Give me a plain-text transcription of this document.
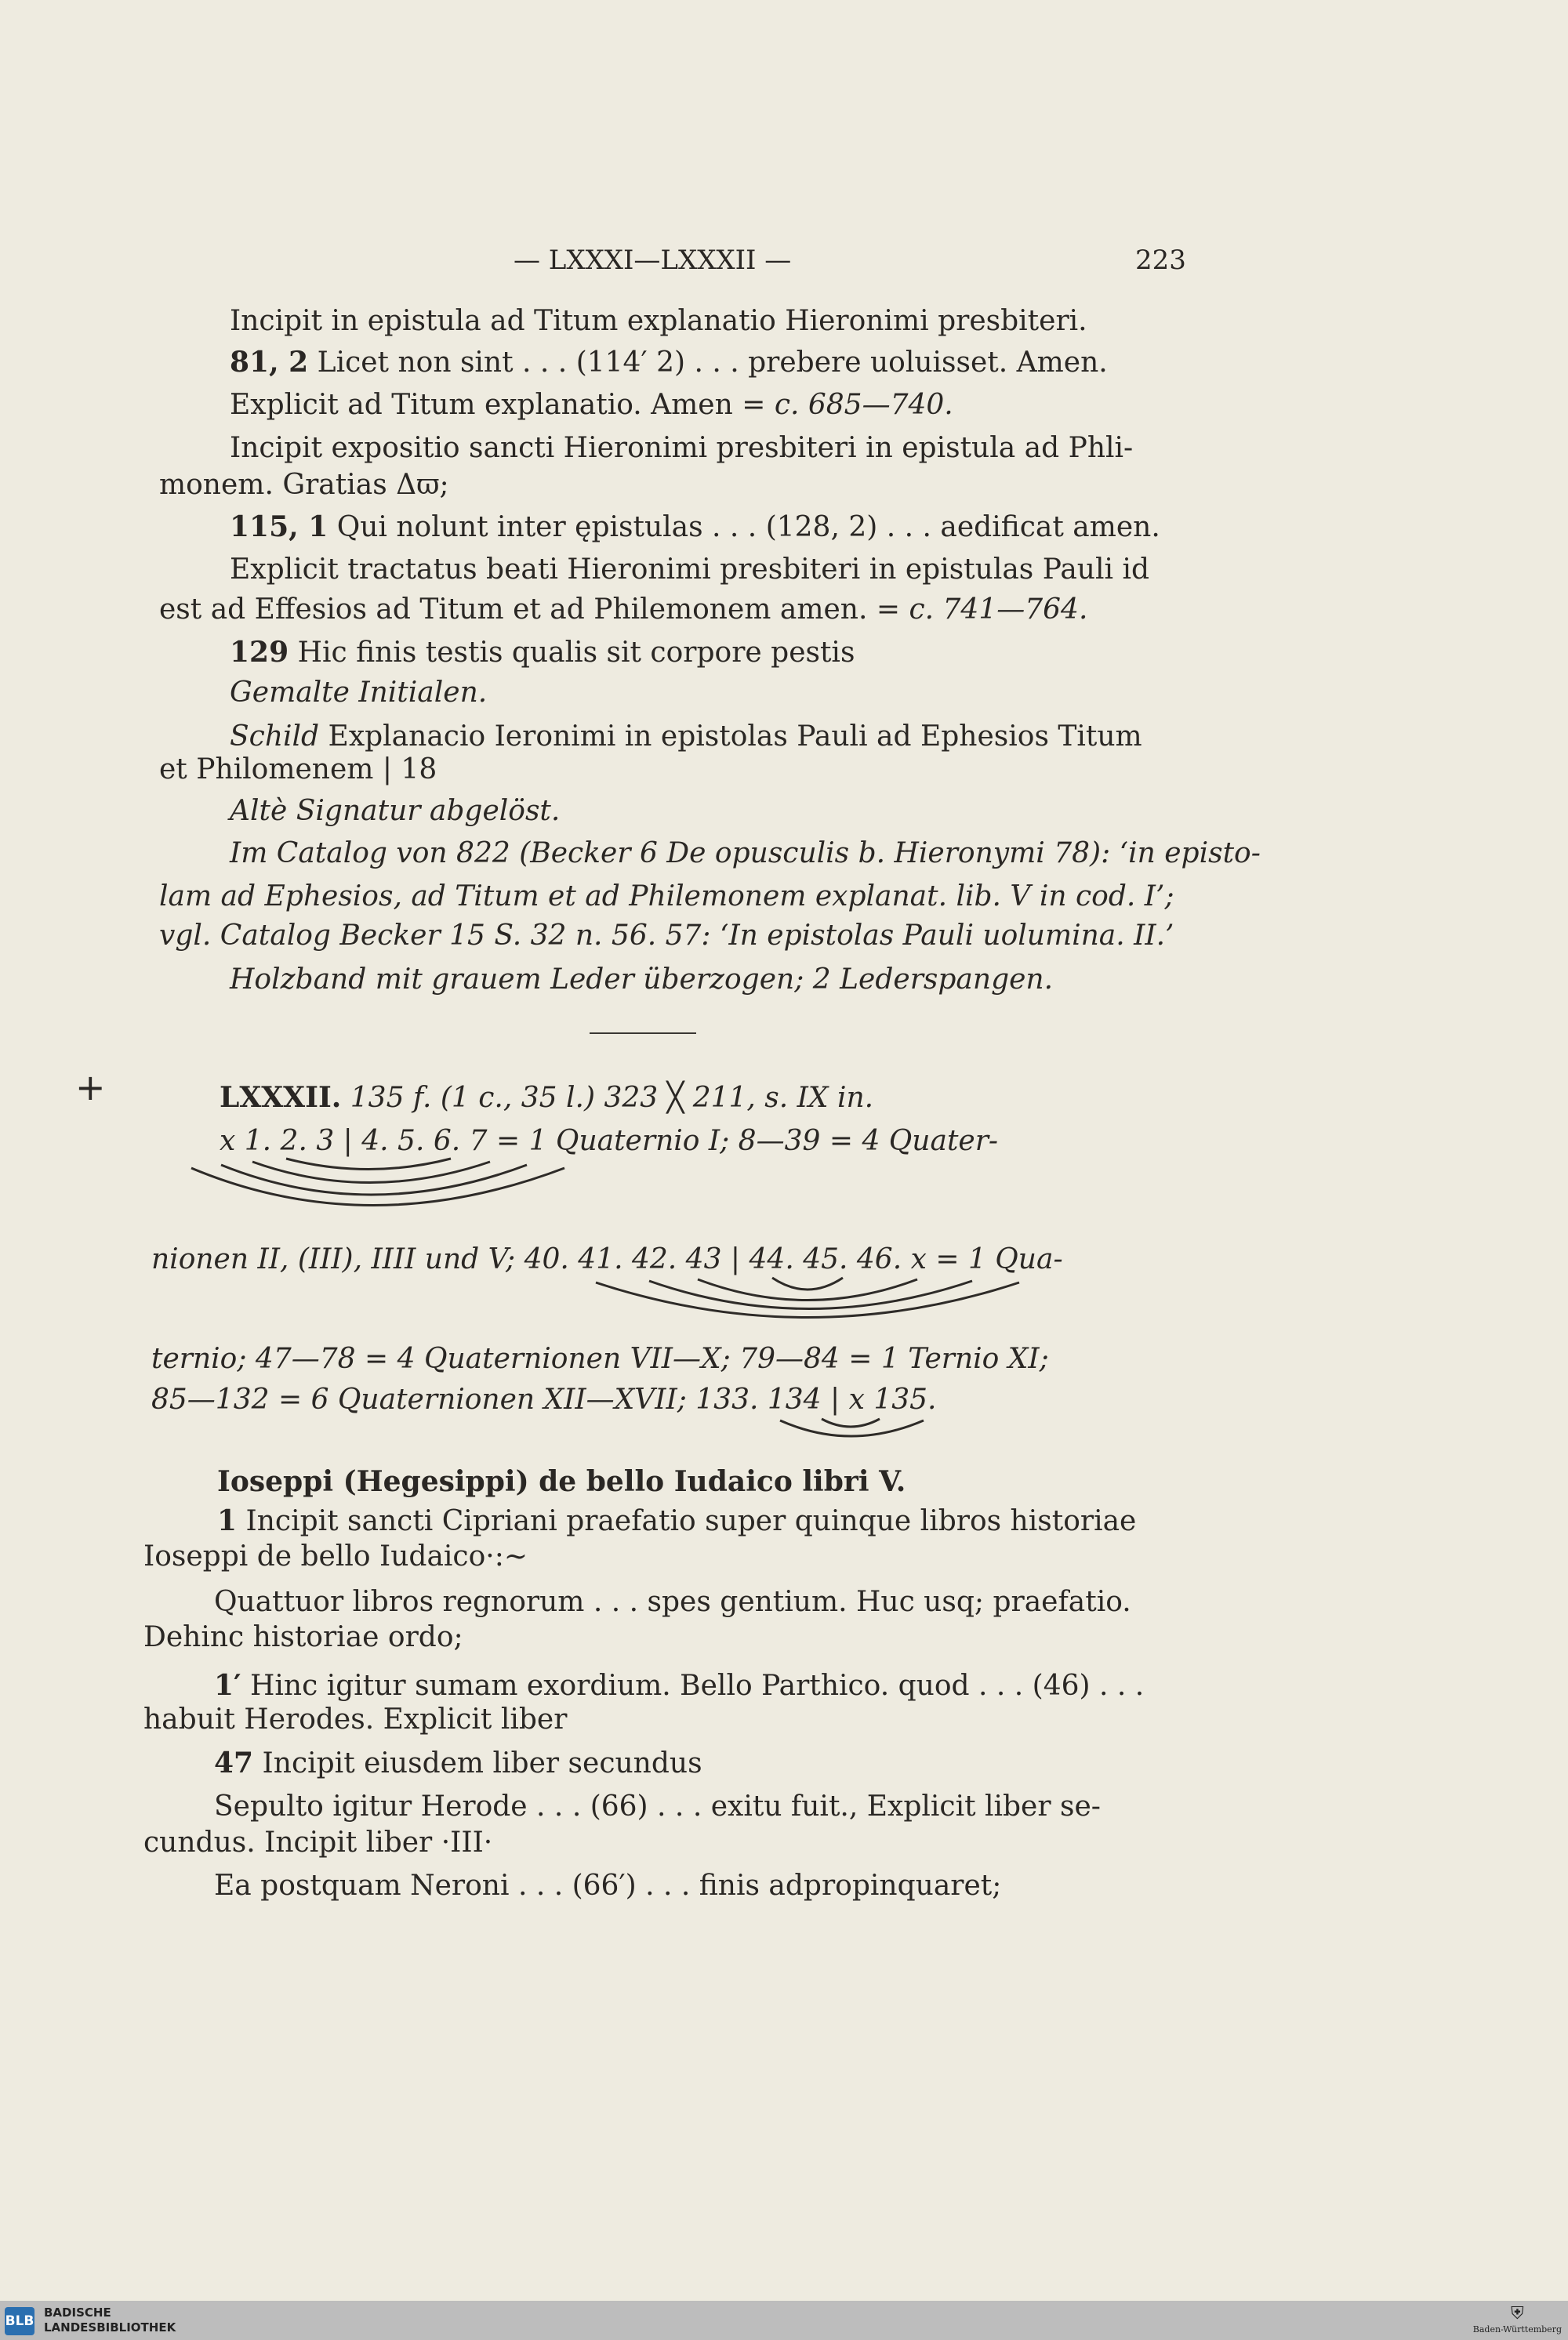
— LXXXI—LXXXII —	223
Incipit in epistula ad Titum explanatio Hieronimi presbiteri.
81, 2 Licet non sint . . . (114′ 2) . . . prebere uoluisset. Amen.
Explicit ad Titum explanatio. Amen = c. 685—740.
Incipit expositio sancti Hieronimi presbiteri in epistula ad Phli-
monem. Gratias Δϖ;
115, 1 Qui nolunt inter ępistulas . . . (128, 2) . . . aedificat amen.
Explicit tractatus beati Hieronimi presbiteri in epistulas Pauli id
est ad Effesios ad Titum et ad Philemonem amen. = c. 741—764.
129 Hic finis testis qualis sit corpore pestis
Gemalte Initialen.
Schild Explanacio Ieronimi in epistolas Pauli ad Ephesios Titum
et Philomenem | 18
Altè Signatur abgelöst.
Im Catalog von 822 (Becker 6 De opusculis b. Hieronymi 78): ‘in episto-
lam ad Ephesios, ad Titum et ad Philemonem explanat. lib. V in cod. I’;
vgl. Catalog Becker 15 S. 32 n. 56. 57: ‘In epistolas Pauli uolumina. II.’
Holzband mit grauem Leder überzogen; 2 Lederspangen.
+	LXXXII. 135 f. (1 c., 35 l.) 323 ╳ 211, s. IX in.
x 1. 2. 3 | 4. 5. 6. 7 = 1 Quaternio I; 8—39 = 4 Quater-
nionen II, (III), IIII und V; 40. 41. 42. 43 | 44. 45. 46. x = 1 Qua-
ternio; 47—78 = 4 Quaternionen VII—X; 79—84 = 1 Ternio XI;
85—132 = 6 Quaternionen XII—XVII; 133. 134 | x 135.
Ioseppi (Hegesippi) de bello Iudaico libri V.
1 Incipit sancti Cipriani praefatio super quinque libros historiae
Ioseppi de bello Iudaico·:~
Quattuor libros regnorum . . . spes gentium. Huc usq; praefatio.
Dehinc historiae ordo;
1′ Hinc igitur sumam exordium. Bello Parthico. quod . . . (46) . . .
habuit Herodes. Explicit liber
47 Incipit eiusdem liber secundus
Sepulto igitur Herode . . . (66) . . . exitu fuit., Explicit liber se-
cundus. Incipit liber ·III·
Ea postquam Neroni . . . (66′) . . . finis adpropinquaret;
BLB
BADISCHE
LANDESBIBLIOTHEK
⛨
Baden-Württemberg
